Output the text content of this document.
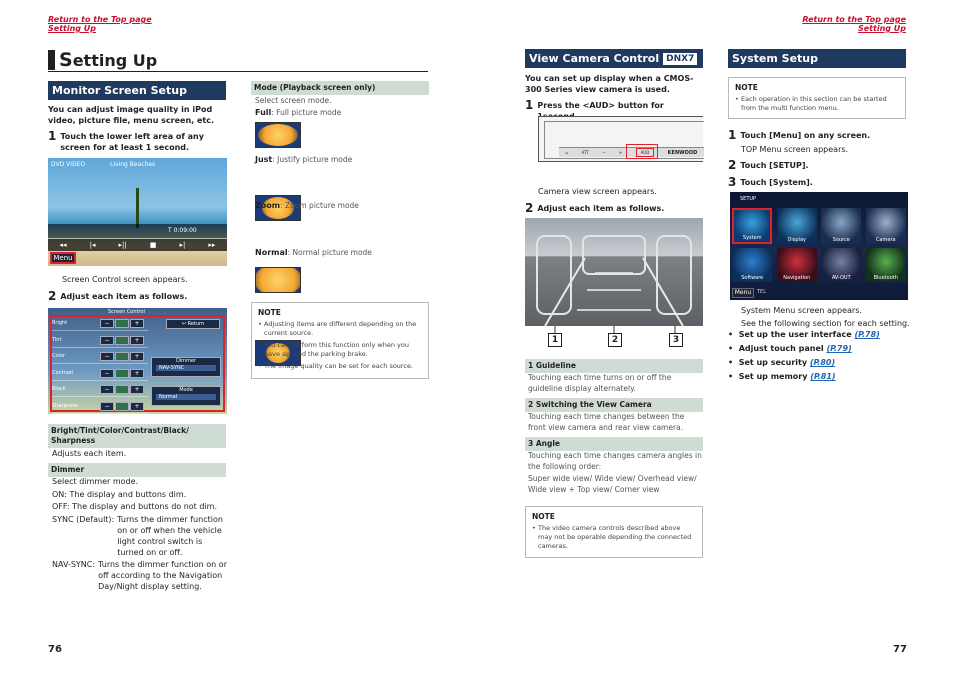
Return to the Top page
Setting Up
Return to the Top page
Setting Up
Setting Up
Monitor Screen Setup
You can adjust image quality in iPod video, picture file, menu screen, etc.
1 Touch the lower left area of any screen for at least 1 second.
DVD VIDEO	Living Beaches
T 0:09:00
◂◂	|◂	▸||	■	▸|	▸▸
Menu
Screen Control screen appears.
2 Adjust each item as follows.
Screen Control
Bright	−	+
Tint	−	+
Color	−	+
Contrast	−	+
Black	−	+
Sharpness	−	+
↩ Return
Dimmer
NAV-SYNC
Mode
Normal
Bright/Tint/Color/Contrast/Black/ Sharpness
Adjusts each item.
Dimmer
Select dimmer mode.
ON: The display and buttons dim.
OFF: The display and buttons do not dim.
SYNC (Default): Turns the dimmer function on or off when the vehicle light control switch is turned on or off.
NAV-SYNC: Turns the dimmer function on or off according to the Navigation Day/Night display setting.
Mode (Playback screen only)
Select screen mode.
Full: Full picture mode
Just: Justify picture mode
Zoom: Zoom picture mode
Normal: Normal picture mode
NOTE
• Adjusting items are different depending on the current source.
• You can perform this function only when you have applied the parking brake.
• The image quality can be set for each source.
View Camera Control DNX7
You can set up display when a CMOS-300 Series view camera is used.
1 Press the <AUD> button for
⌂	ATT	−	+	AUD	KENWOOD
Camera view screen appears.
2 Adjust each item as follows.
1	2	3
1 Guideline
Touching each time turns on or off the guideline display alternately.
2 Switching the View Camera
Touching each time changes between the front view camera and rear view camera.
3 Angle
Touching each time changes camera angles in the following order:
Super wide view/ Wide view/ Overhead view/ Wide view + Top view/ Corner view
NOTE
• The video camera controls described above may not be operable depending the connected cameras.
System Setup
NOTE
• Each operation in this section can be started from the multi function menu.
1 Touch [Menu] on any screen.
TOP Menu screen appears.
2 Touch [SETUP].
3 Touch [System].
SETUP
System	Display	Source	Camera
Software	Navigation	AV-OUT	Bluetooth
Menu	TEL
System Menu screen appears.
See the following section for each setting.
•  Set up the user interface (P.78)
•  Adjust touch panel (P.79)
•  Set up security (P.80)
•  Set up memory (P.81)
76	77
